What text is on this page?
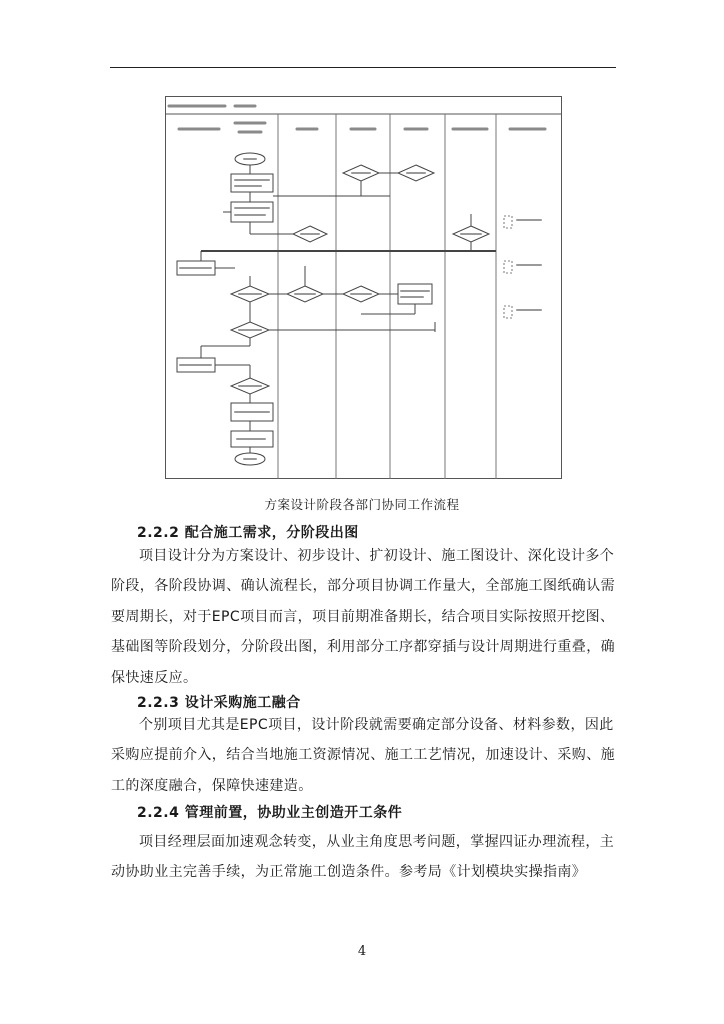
方案设计阶段各部门协同工作流程
2.2.2 配合施工需求，分阶段出图
项目设计分为方案设计、初步设计、扩初设计、施工图设计、深化设计多个阶段，各阶段协调、确认流程长，部分项目协调工作量大，全部施工图纸确认需要周期长，对于EPC项目而言，项目前期准备期长，结合项目实际按照开挖图、基础图等阶段划分，分阶段出图，利用部分工序都穿插与设计周期进行重叠，确保快速反应。
2.2.3 设计采购施工融合
个别项目尤其是EPC项目，设计阶段就需要确定部分设备、材料参数，因此采购应提前介入，结合当地施工资源情况、施工工艺情况，加速设计、采购、施工的深度融合，保障快速建造。
2.2.4 管理前置，协助业主创造开工条件
项目经理层面加速观念转变，从业主角度思考问题，掌握四证办理流程，主动协助业主完善手续，为正常施工创造条件。参考局《计划模块实操指南》
4
